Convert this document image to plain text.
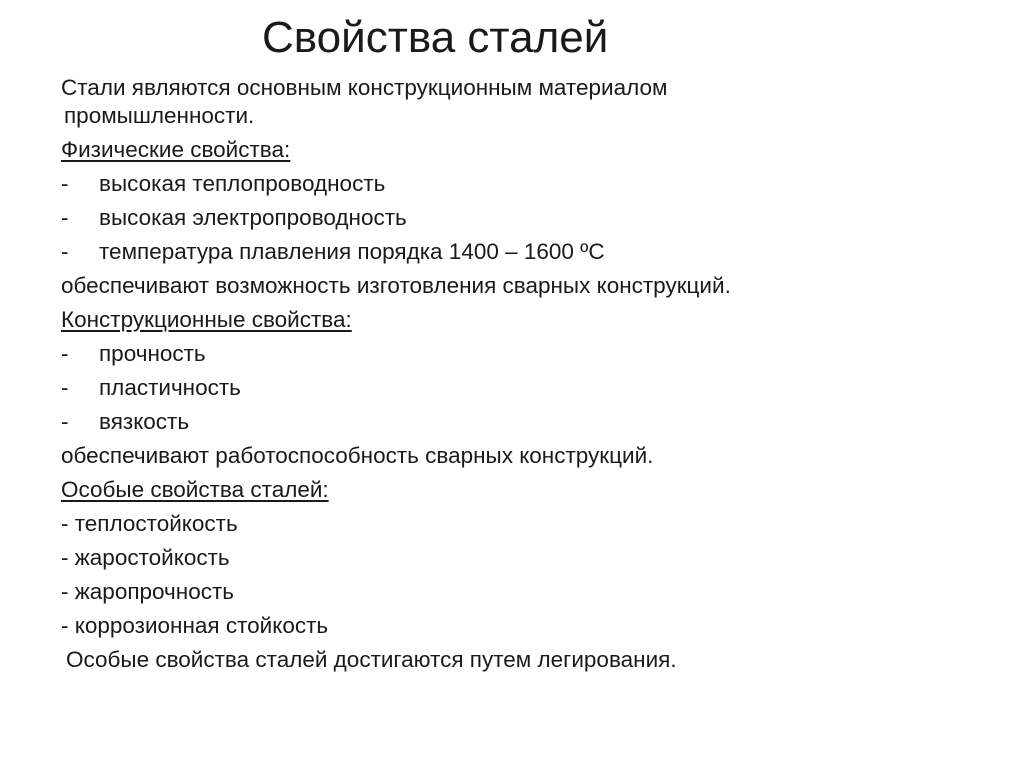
Свойства сталей

Стали являются основным конструкционным материалом
промышленности.

Физические свойства:

-	высокая теплопроводность
-	высокая электропроводность
-	температура плавления порядка 1400 – 1600 ºС

обеспечивают возможность изготовления сварных конструкций.

Конструкционные свойства:

-	прочность
-	пластичность
-	вязкость

обеспечивают работоспособность сварных конструкций.

Особые свойства сталей:

- теплостойкость

- жаростойкость

- жаропрочность

- коррозионная стойкость

Особые свойства сталей достигаются путем легирования.
